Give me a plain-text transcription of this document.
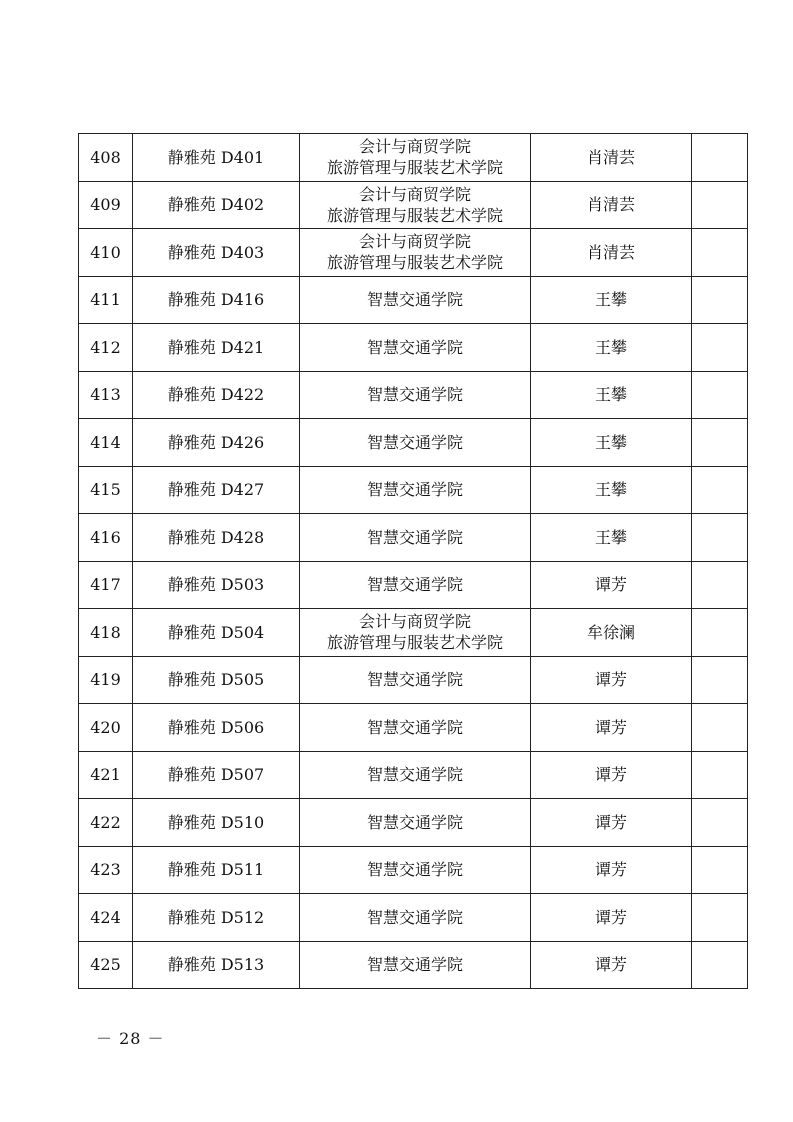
408	静雅苑 D401	会计与商贸学院
旅游管理与服装艺术学院	肖清芸	
409	静雅苑 D402	会计与商贸学院
旅游管理与服装艺术学院	肖清芸	
410	静雅苑 D403	会计与商贸学院
旅游管理与服装艺术学院	肖清芸	
411	静雅苑 D416	智慧交通学院	王攀	
412	静雅苑 D421	智慧交通学院	王攀	
413	静雅苑 D422	智慧交通学院	王攀	
414	静雅苑 D426	智慧交通学院	王攀	
415	静雅苑 D427	智慧交通学院	王攀	
416	静雅苑 D428	智慧交通学院	王攀	
417	静雅苑 D503	智慧交通学院	谭芳	
418	静雅苑 D504	会计与商贸学院
旅游管理与服装艺术学院	牟徐澜	
419	静雅苑 D505	智慧交通学院	谭芳	
420	静雅苑 D506	智慧交通学院	谭芳	
421	静雅苑 D507	智慧交通学院	谭芳	
422	静雅苑 D510	智慧交通学院	谭芳	
423	静雅苑 D511	智慧交通学院	谭芳	
424	静雅苑 D512	智慧交通学院	谭芳	
425	静雅苑 D513	智慧交通学院	谭芳	
－ 28 －
